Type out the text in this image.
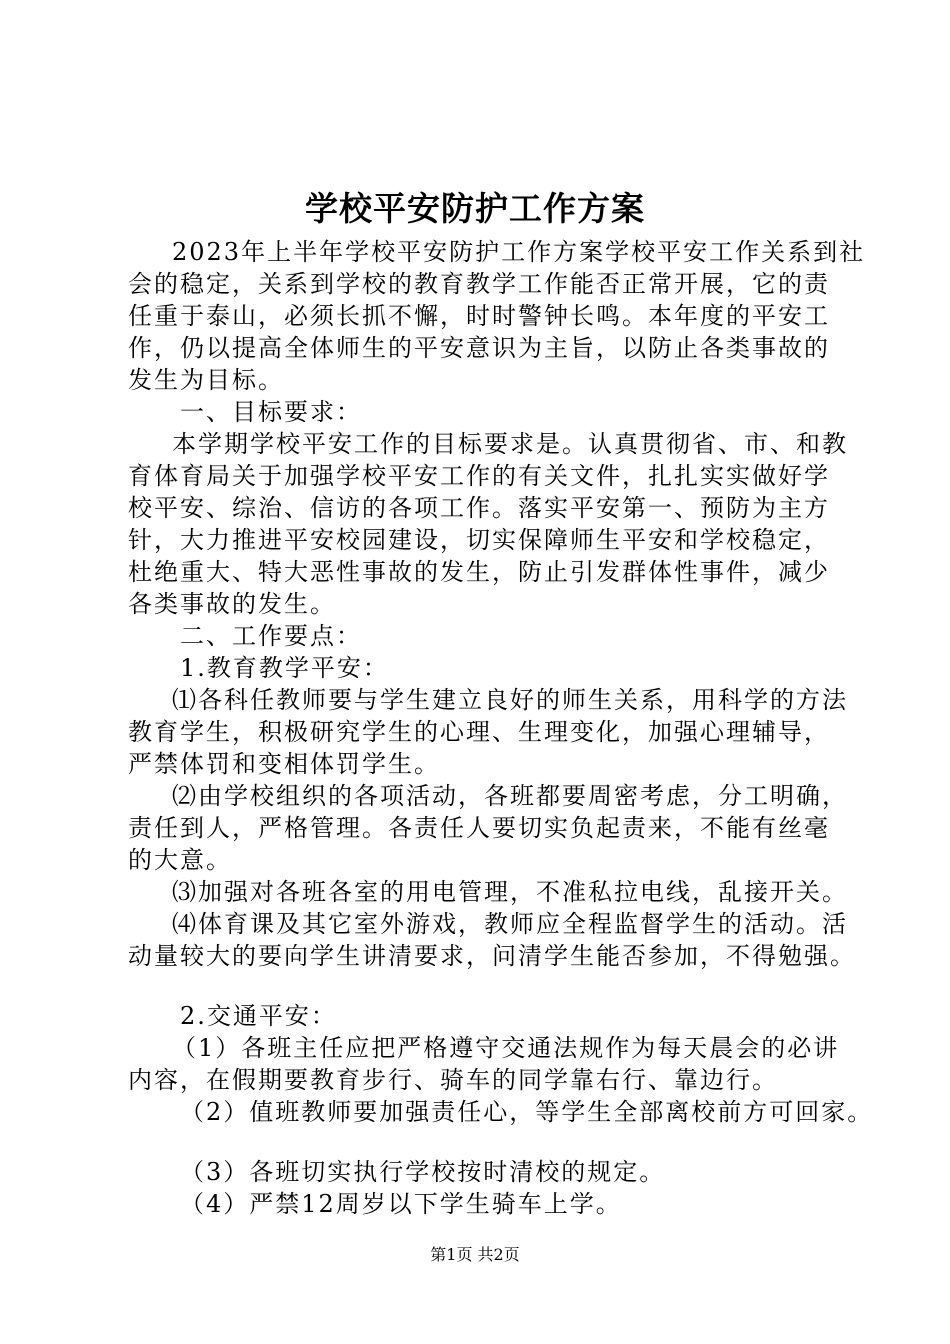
学校平安防护工作方案
2023年上半年学校平安防护工作方案学校平安工作关系到社
会的稳定，关系到学校的教育教学工作能否正常开展，它的责
任重于泰山，必须长抓不懈，时时警钟长鸣。本年度的平安工
作，仍以提高全体师生的平安意识为主旨，以防止各类事故的
发生为目标。
一、目标要求：
本学期学校平安工作的目标要求是。认真贯彻省、市、和教
育体育局关于加强学校平安工作的有关文件，扎扎实实做好学
校平安、综治、信访的各项工作。落实平安第一、预防为主方
针，大力推进平安校园建设，切实保障师生平安和学校稳定，
杜绝重大、特大恶性事故的发生，防止引发群体性事件，减少
各类事故的发生。
二、工作要点：
1.教育教学平安：
⑴各科任教师要与学生建立良好的师生关系，用科学的方法
教育学生，积极研究学生的心理、生理变化，加强心理辅导，
严禁体罚和变相体罚学生。
⑵由学校组织的各项活动，各班都要周密考虑，分工明确，
责任到人，严格管理。各责任人要切实负起责来，不能有丝毫
的大意。
⑶加强对各班各室的用电管理，不准私拉电线，乱接开关。
⑷体育课及其它室外游戏，教师应全程监督学生的活动。活
动量较大的要向学生讲清要求，问清学生能否参加，不得勉强。
2.交通平安：
（1）各班主任应把严格遵守交通法规作为每天晨会的必讲
内容，在假期要教育步行、骑车的同学靠右行、靠边行。
（2）值班教师要加强责任心，等学生全部离校前方可回家。
（3）各班切实执行学校按时清校的规定。
（4）严禁12周岁以下学生骑车上学。
第1页 共2页
